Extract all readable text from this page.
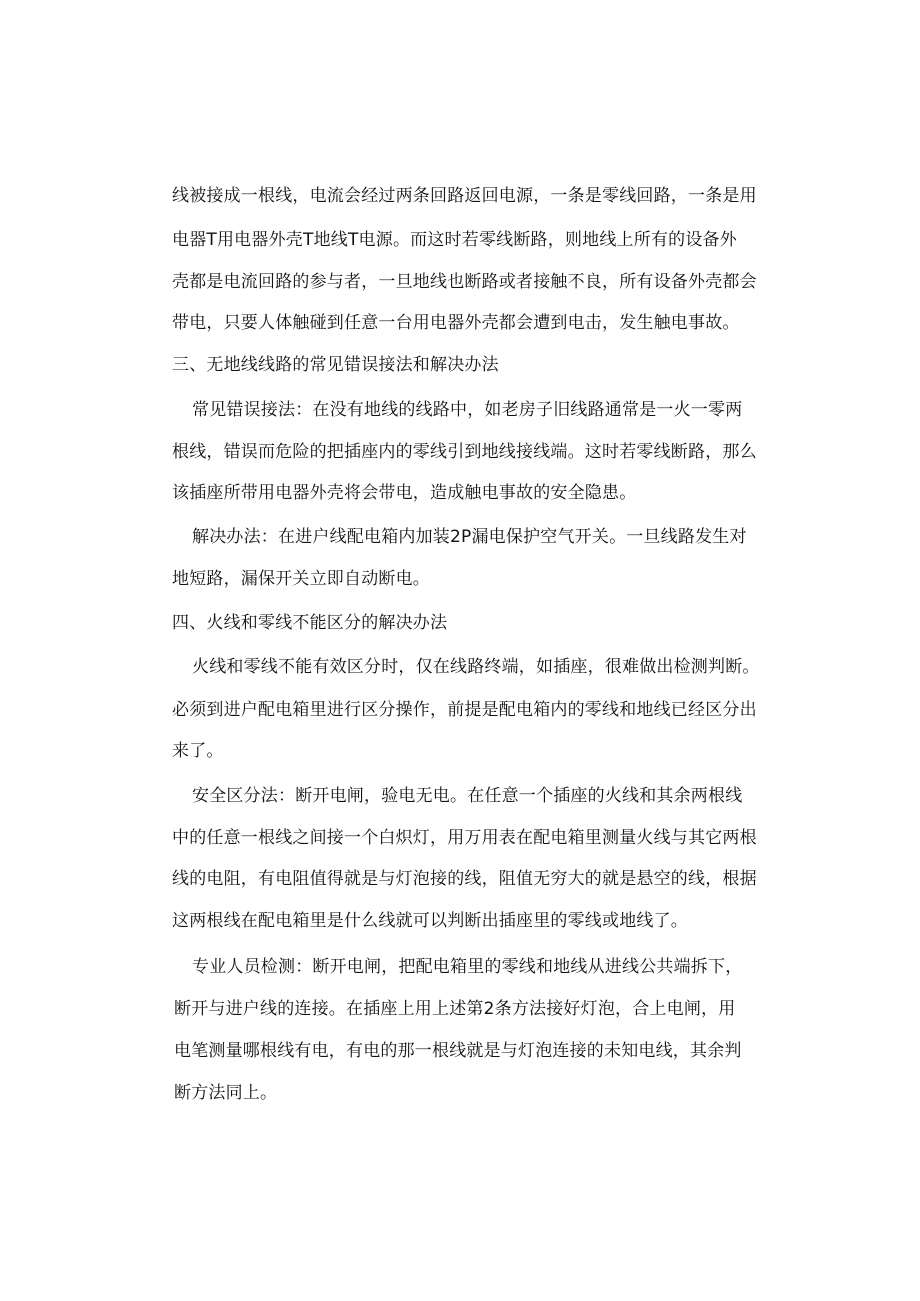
线被接成一根线，电流会经过两条回路返回电源，一条是零线回路，一条是用
电器T用电器外壳T地线T电源。而这时若零线断路，则地线上所有的设备外
壳都是电流回路的参与者，一旦地线也断路或者接触不良，所有设备外壳都会
带电，只要人体触碰到任意一台用电器外壳都会遭到电击，发生触电事故。
三、无地线线路的常见错误接法和解决办法
常见错误接法：在没有地线的线路中，如老房子旧线路通常是一火一零两
根线，错误而危险的把插座内的零线引到地线接线端。这时若零线断路，那么
该插座所带用电器外壳将会带电，造成触电事故的安全隐患。
解决办法：在进户线配电箱内加装2P漏电保护空气开关。一旦线路发生对
地短路，漏保开关立即自动断电。
四、火线和零线不能区分的解决办法
火线和零线不能有效区分时，仅在线路终端，如插座，很难做出检测判断。
必须到进户配电箱里进行区分操作，前提是配电箱内的零线和地线已经区分出
来了。
安全区分法：断开电闸，验电无电。在任意一个插座的火线和其余两根线
中的任意一根线之间接一个白炽灯，用万用表在配电箱里测量火线与其它两根
线的电阻，有电阻值得就是与灯泡接的线，阻值无穷大的就是悬空的线，根据
这两根线在配电箱里是什么线就可以判断出插座里的零线或地线了。
专业人员检测：断开电闸，把配电箱里的零线和地线从进线公共端拆下，
断开与进户线的连接。在插座上用上述第2条方法接好灯泡，合上电闸，用
电笔测量哪根线有电，有电的那一根线就是与灯泡连接的未知电线，其余判
断方法同上。
